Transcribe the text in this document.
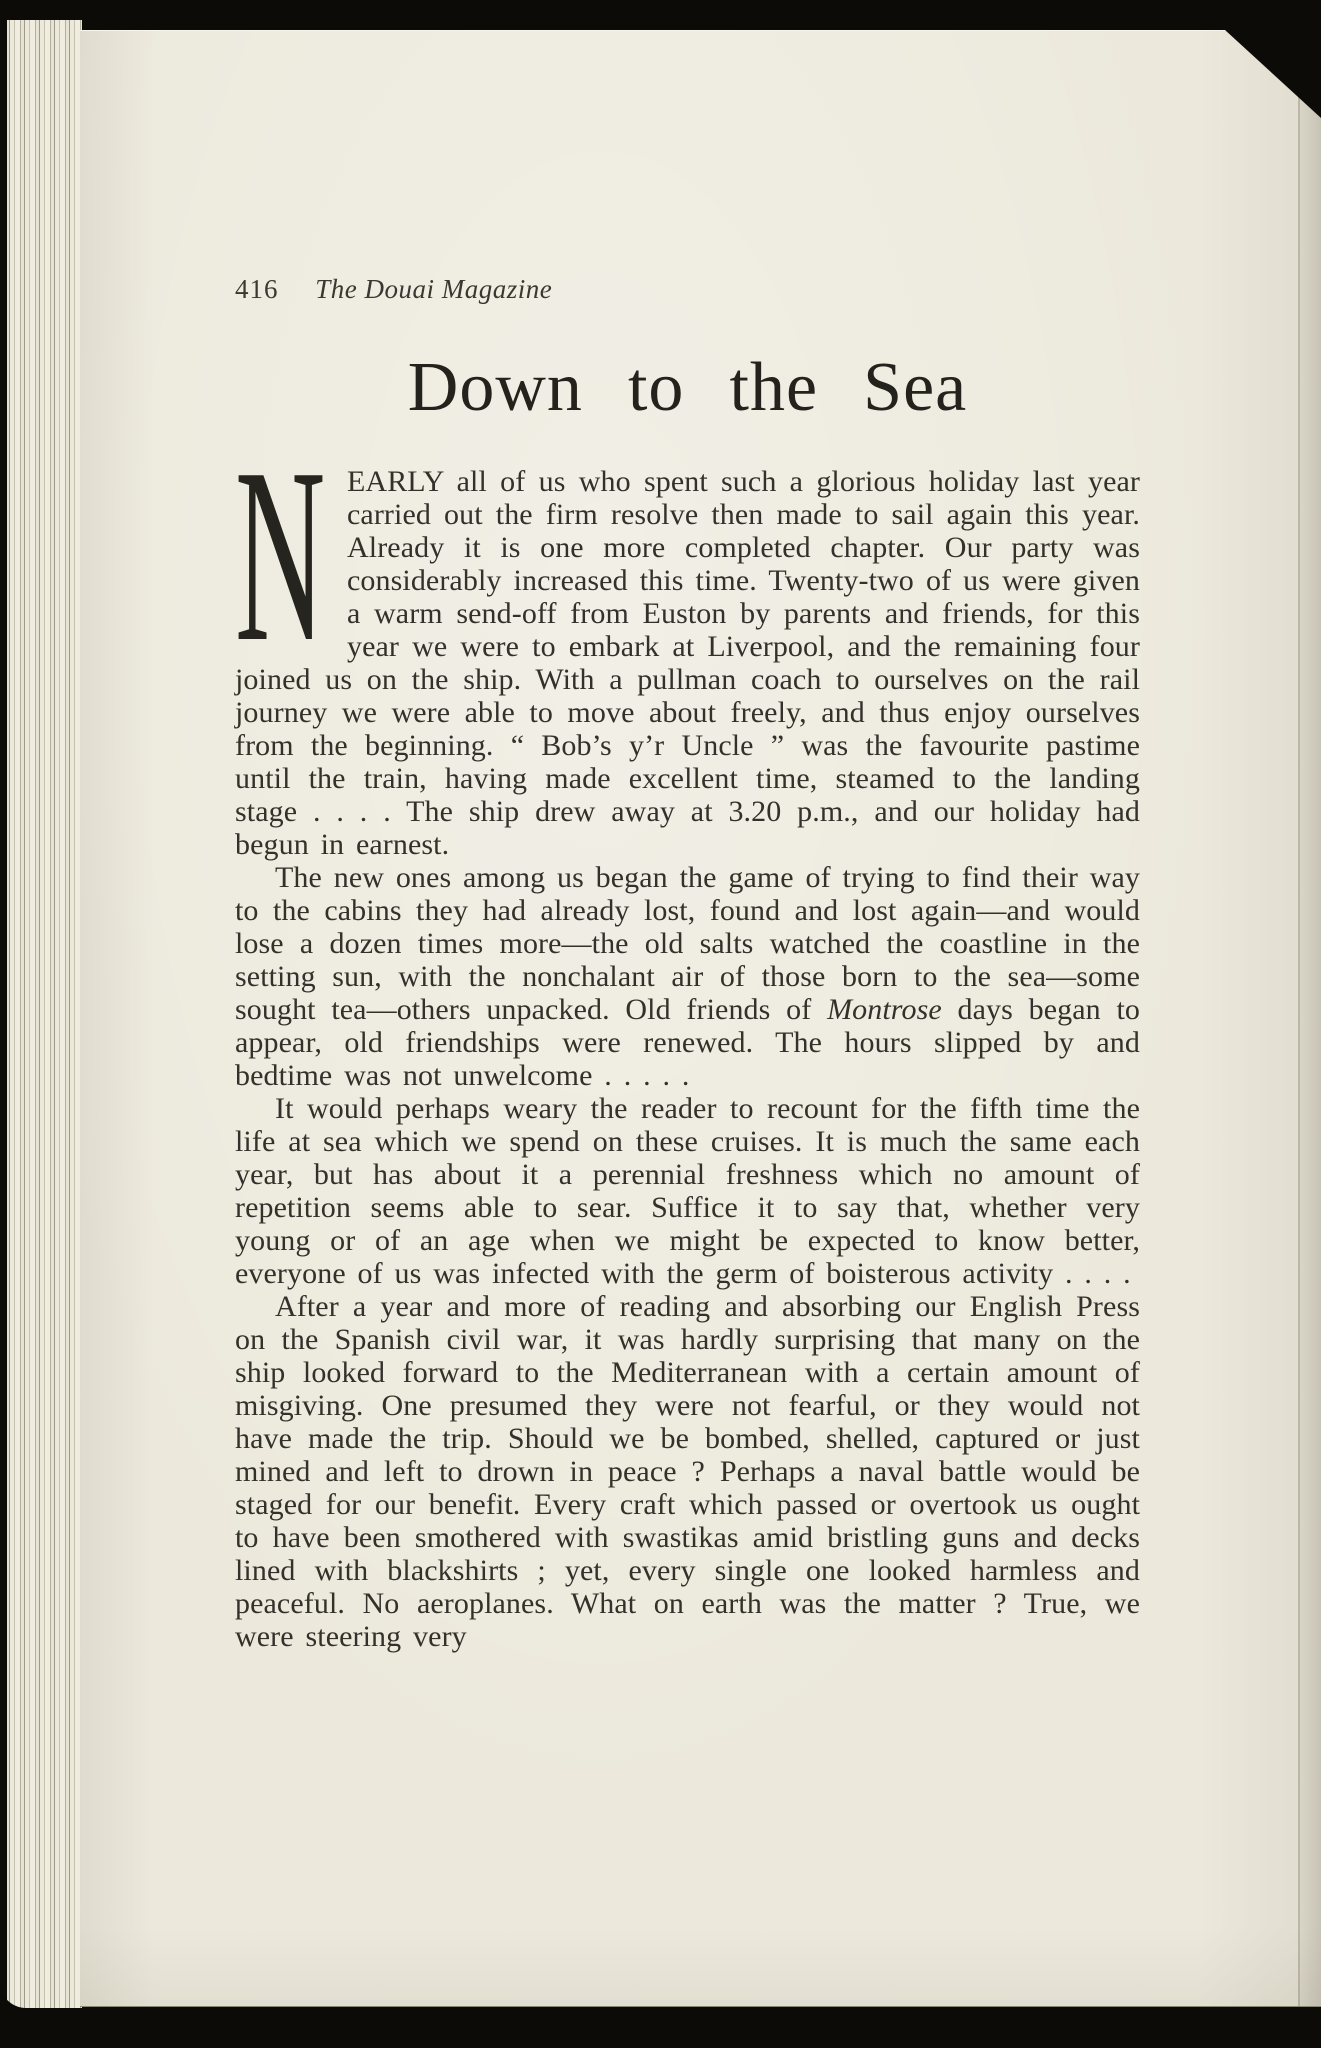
416 The Douai Magazine
Down to the Sea

N EARLY all of us who spent such a glorious holiday last year carried out the firm resolve then made to sail again this year. Already it is one more completed chapter. Our party was considerably increased this time. Twenty-two of us were given a warm send-off from Euston by parents and friends, for this year we were to embark at Liverpool, and the remaining four joined us on the ship. With a pullman coach to ourselves on the rail journey we were able to move about freely, and thus enjoy ourselves from the beginning. “ Bob’s y’r Uncle ” was the favourite pastime until the train, having made excellent time, steamed to the landing stage . . . . The ship drew away at 3.20 p.m., and our holiday had begun in earnest.

The new ones among us began the game of trying to find their way to the cabins they had already lost, found and lost again—and would lose a dozen times more—the old salts watched the coastline in the setting sun, with the nonchalant air of those born to the sea—some sought tea—others unpacked. Old friends of Montrose days began to appear, old friendships were renewed. The hours slipped by and bedtime was not unwelcome . . . . .

It would perhaps weary the reader to recount for the fifth time the life at sea which we spend on these cruises. It is much the same each year, but has about it a perennial freshness which no amount of repetition seems able to sear. Suffice it to say that, whether very young or of an age when we might be expected to know better, everyone of us was infected with the germ of boisterous activity . . . .

After a year and more of reading and absorbing our English Press on the Spanish civil war, it was hardly surprising that many on the ship looked forward to the Mediterranean with a certain amount of misgiving. One presumed they were not fearful, or they would not have made the trip. Should we be bombed, shelled, captured or just mined and left to drown in peace ? Perhaps a naval battle would be staged for our benefit. Every craft which passed or overtook us ought to have been smothered with swastikas amid bristling guns and decks lined with blackshirts ; yet, every single one looked harmless and peaceful. No aeroplanes. What on earth was the matter ? True, we were steering very
